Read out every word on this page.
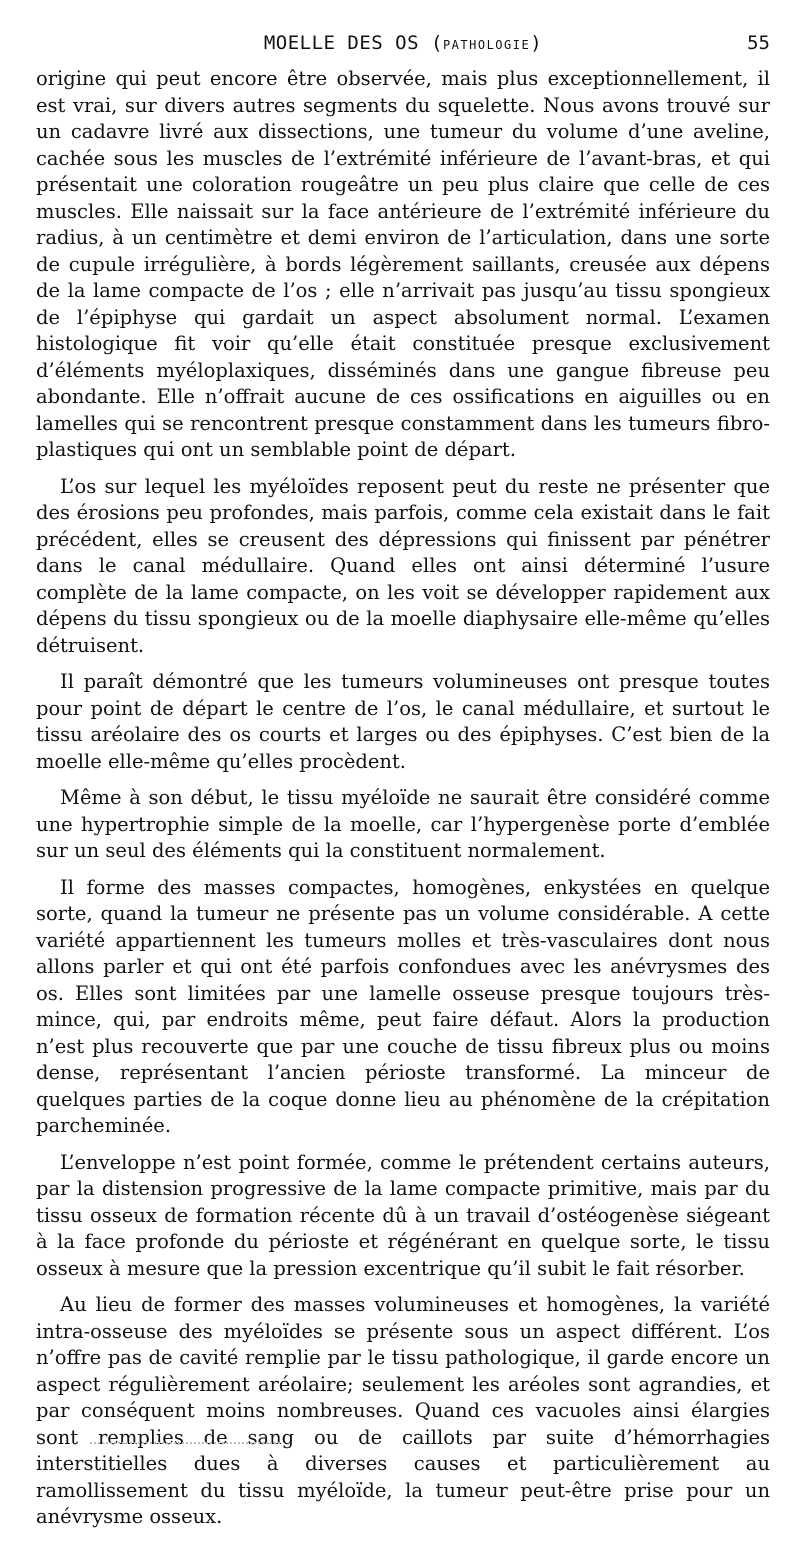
MOELLE DES OS (PATHOLOGIE)	55

origine qui peut encore être observée, mais plus exceptionnellement, il est vrai, sur divers autres segments du squelette. Nous avons trouvé sur un cadavre livré aux dissections, une tumeur du volume d’une aveline, cachée sous les muscles de l’extrémité inférieure de l’avant-bras, et qui présentait une coloration rougeâtre un peu plus claire que celle de ces muscles. Elle naissait sur la face antérieure de l’extrémité inférieure du radius, à un centimètre et demi environ de l’articulation, dans une sorte de cupule irrégulière, à bords légèrement saillants, creusée aux dépens de la lame compacte de l’os ; elle n’arrivait pas jusqu’au tissu spongieux de l’épiphyse qui gardait un aspect absolument normal. L’examen histologique fit voir qu’elle était constituée presque exclusivement d’éléments myéloplaxiques, disséminés dans une gangue fibreuse peu abondante. Elle n’offrait aucune de ces ossifications en aiguilles ou en lamelles qui se rencontrent presque constamment dans les tumeurs fibro-plastiques qui ont un semblable point de départ.

L’os sur lequel les myéloïdes reposent peut du reste ne présenter que des érosions peu profondes, mais parfois, comme cela existait dans le fait précédent, elles se creusent des dépressions qui finissent par pénétrer dans le canal médullaire. Quand elles ont ainsi déterminé l’usure complète de la lame compacte, on les voit se développer rapidement aux dépens du tissu spongieux ou de la moelle diaphysaire elle-même qu’elles détruisent.

Il paraît démontré que les tumeurs volumineuses ont presque toutes pour point de départ le centre de l’os, le canal médullaire, et surtout le tissu aréolaire des os courts et larges ou des épiphyses. C’est bien de la moelle elle-même qu’elles procèdent.

Même à son début, le tissu myéloïde ne saurait être considéré comme une hypertrophie simple de la moelle, car l’hypergenèse porte d’emblée sur un seul des éléments qui la constituent normalement.

Il forme des masses compactes, homogènes, enkystées en quelque sorte, quand la tumeur ne présente pas un volume considérable. A cette variété appartiennent les tumeurs molles et très-vasculaires dont nous allons parler et qui ont été parfois confondues avec les anévrysmes des os. Elles sont limitées par une lamelle osseuse presque toujours très-mince, qui, par endroits même, peut faire défaut. Alors la production n’est plus recouverte que par une couche de tissu fibreux plus ou moins dense, représentant l’ancien périoste transformé. La minceur de quelques parties de la coque donne lieu au phénomène de la crépitation parcheminée.

L’enveloppe n’est point formée, comme le prétendent certains auteurs, par la distension progressive de la lame compacte primitive, mais par du tissu osseux de formation récente dû à un travail d’ostéogenèse siégeant à la face profonde du périoste et régénérant en quelque sorte, le tissu osseux à mesure que la pression excentrique qu’il subit le fait résorber.

Au lieu de former des masses volumineuses et homogènes, la variété intra-osseuse des myéloïdes se présente sous un aspect différent. L’os n’offre pas de cavité remplie par le tissu pathologique, il garde encore un aspect régulièrement aréolaire; seulement les aréoles sont agrandies, et par conséquent moins nombreuses. Quand ces vacuoles ainsi élargies sont remplies de sang ou de caillots par suite d’hémorrhagies interstitielles dues à diverses causes et particulièrement au ramollissement du tissu myéloïde, la tumeur peut-être prise pour un anévrysme osseux.
